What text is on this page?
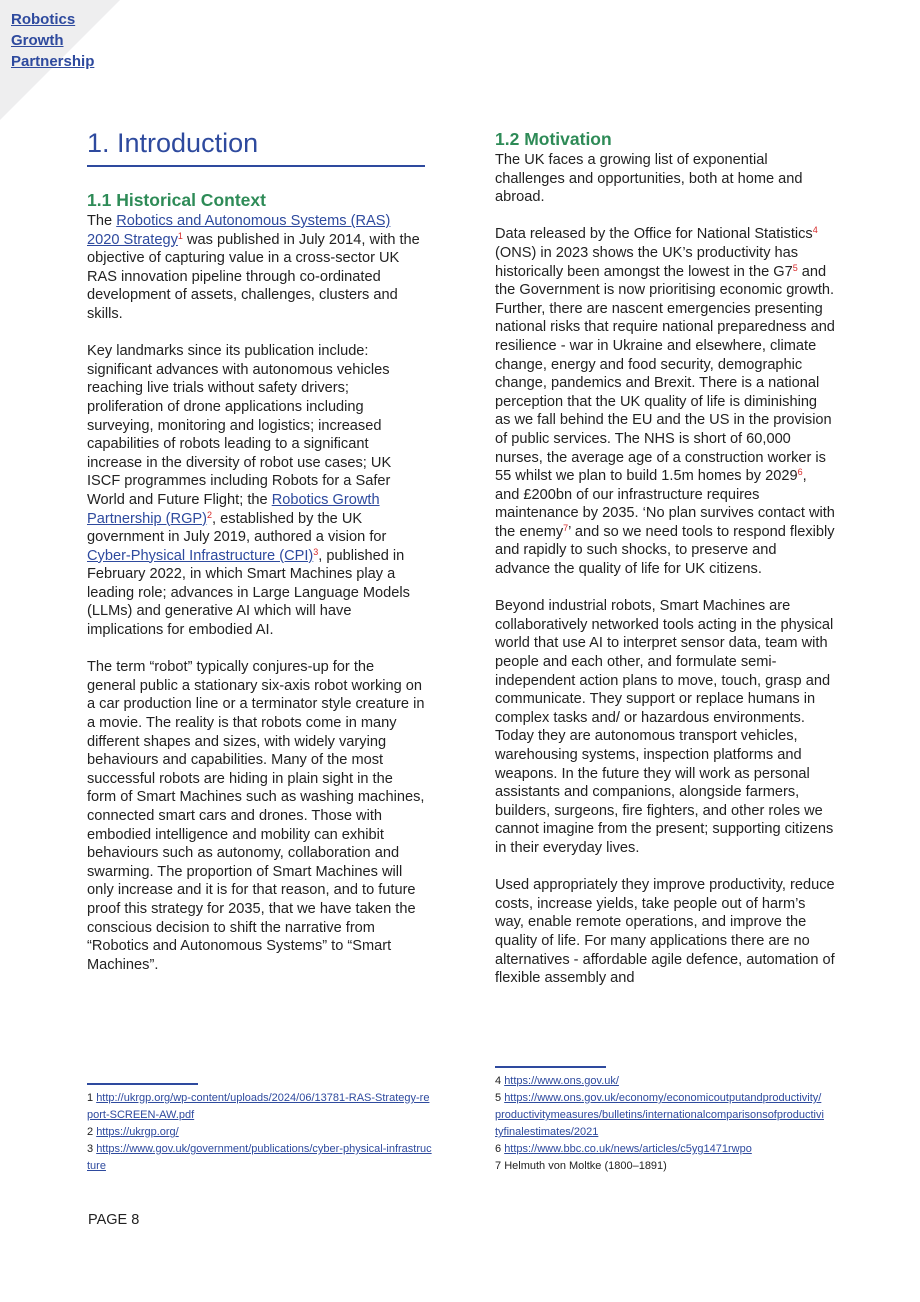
Robotics
Growth
Partnership
1. Introduction
1.1 Historical Context

The Robotics and Autonomous Systems (RAS) 2020 Strategy$^1$ was published in July 2014, with the objective of capturing value in a cross-sector UK RAS innovation pipeline through co-ordinated development of assets, challenges, clusters and skills.

Key landmarks since its publication include: significant advances with autonomous vehicles reaching live trials without safety drivers; proliferation of drone applications including surveying, monitoring and logistics; increased capabilities of robots leading to a significant increase in the diversity of robot use cases; UK ISCF programmes including Robots for a Safer World and Future Flight; the Robotics Growth Partnership (RGP)$^2$, established by the UK government in July 2019, authored a vision for Cyber-Physical Infrastructure (CPI)$^3$, published in February 2022, in which Smart Machines play a leading role; advances in Large Language Models (LLMs) and generative AI which will have implications for embodied AI.

The term “robot” typically conjures-up for the general public a stationary six-axis robot working on a car production line or a terminator style creature in a movie. The reality is that robots come in many different shapes and sizes, with widely varying behaviours and capabilities. Many of the most successful robots are hiding in plain sight in the form of Smart Machines such as washing machines, connected smart cars and drones. Those with embodied intelligence and mobility can exhibit behaviours such as autonomy, collaboration and swarming. The proportion of Smart Machines will only increase and it is for that reason, and to future proof this strategy for 2035, that we have taken the conscious decision to shift the narrative from “Robotics and Autonomous Systems” to “Smart Machines”.

1.2 Motivation

The UK faces a growing list of exponential challenges and opportunities, both at home and abroad.

Data released by the Office for National Statistics$^4$ (ONS) in 2023 shows the UK’s productivity has historically been amongst the lowest in the G7$^5$ and the Government is now prioritising economic growth. Further, there are nascent emergencies presenting national risks that require national preparedness and resilience - war in Ukraine and elsewhere, climate change, energy and food security, demographic change, pandemics and Brexit. There is a national perception that the UK quality of life is diminishing as we fall behind the EU and the US in the provision of public services. The NHS is short of 60,000 nurses, the average age of a construction worker is 55 whilst we plan to build 1.5m homes by 2029$^6$, and £200bn of our infrastructure requires maintenance by 2035. ‘No plan survives contact with the enemy$^7$’ and so we need tools to respond flexibly and rapidly to such shocks, to preserve and advance the quality of life for UK citizens.

Beyond industrial robots, Smart Machines are collaboratively networked tools acting in the physical world that use AI to interpret sensor data, team with people and each other, and formulate semi-independent action plans to move, touch, grasp and communicate. They support or replace humans in complex tasks and/ or hazardous environments. Today they are autonomous transport vehicles, warehousing systems, inspection platforms and weapons. In the future they will work as personal assistants and companions, alongside farmers, builders, surgeons, fire fighters, and other roles we cannot imagine from the present; supporting citizens in their everyday lives.

Used appropriately they improve productivity, reduce costs, increase yields, take people out of harm’s way, enable remote operations, and improve the quality of life. For many applications there are no alternatives - affordable agile defence, automation of flexible assembly and

1 http://ukrgp.org/wp-content/uploads/2024/06/13781-RAS-Strategy-report-SCREEN-AW.pdf
2 https://ukrgp.org/
3 https://www.gov.uk/government/publications/cyber-physical-infrastructure
4 https://www.ons.gov.uk/
5 https://www.ons.gov.uk/economy/economicoutputandproductivity/productivitymeasures/bulletins/internationalcomparisonsofproductivityfinalestimates/2021
6 https://www.bbc.co.uk/news/articles/c5yg1471rwpo
7 Helmuth von Moltke (1800–1891)
PAGE 8
